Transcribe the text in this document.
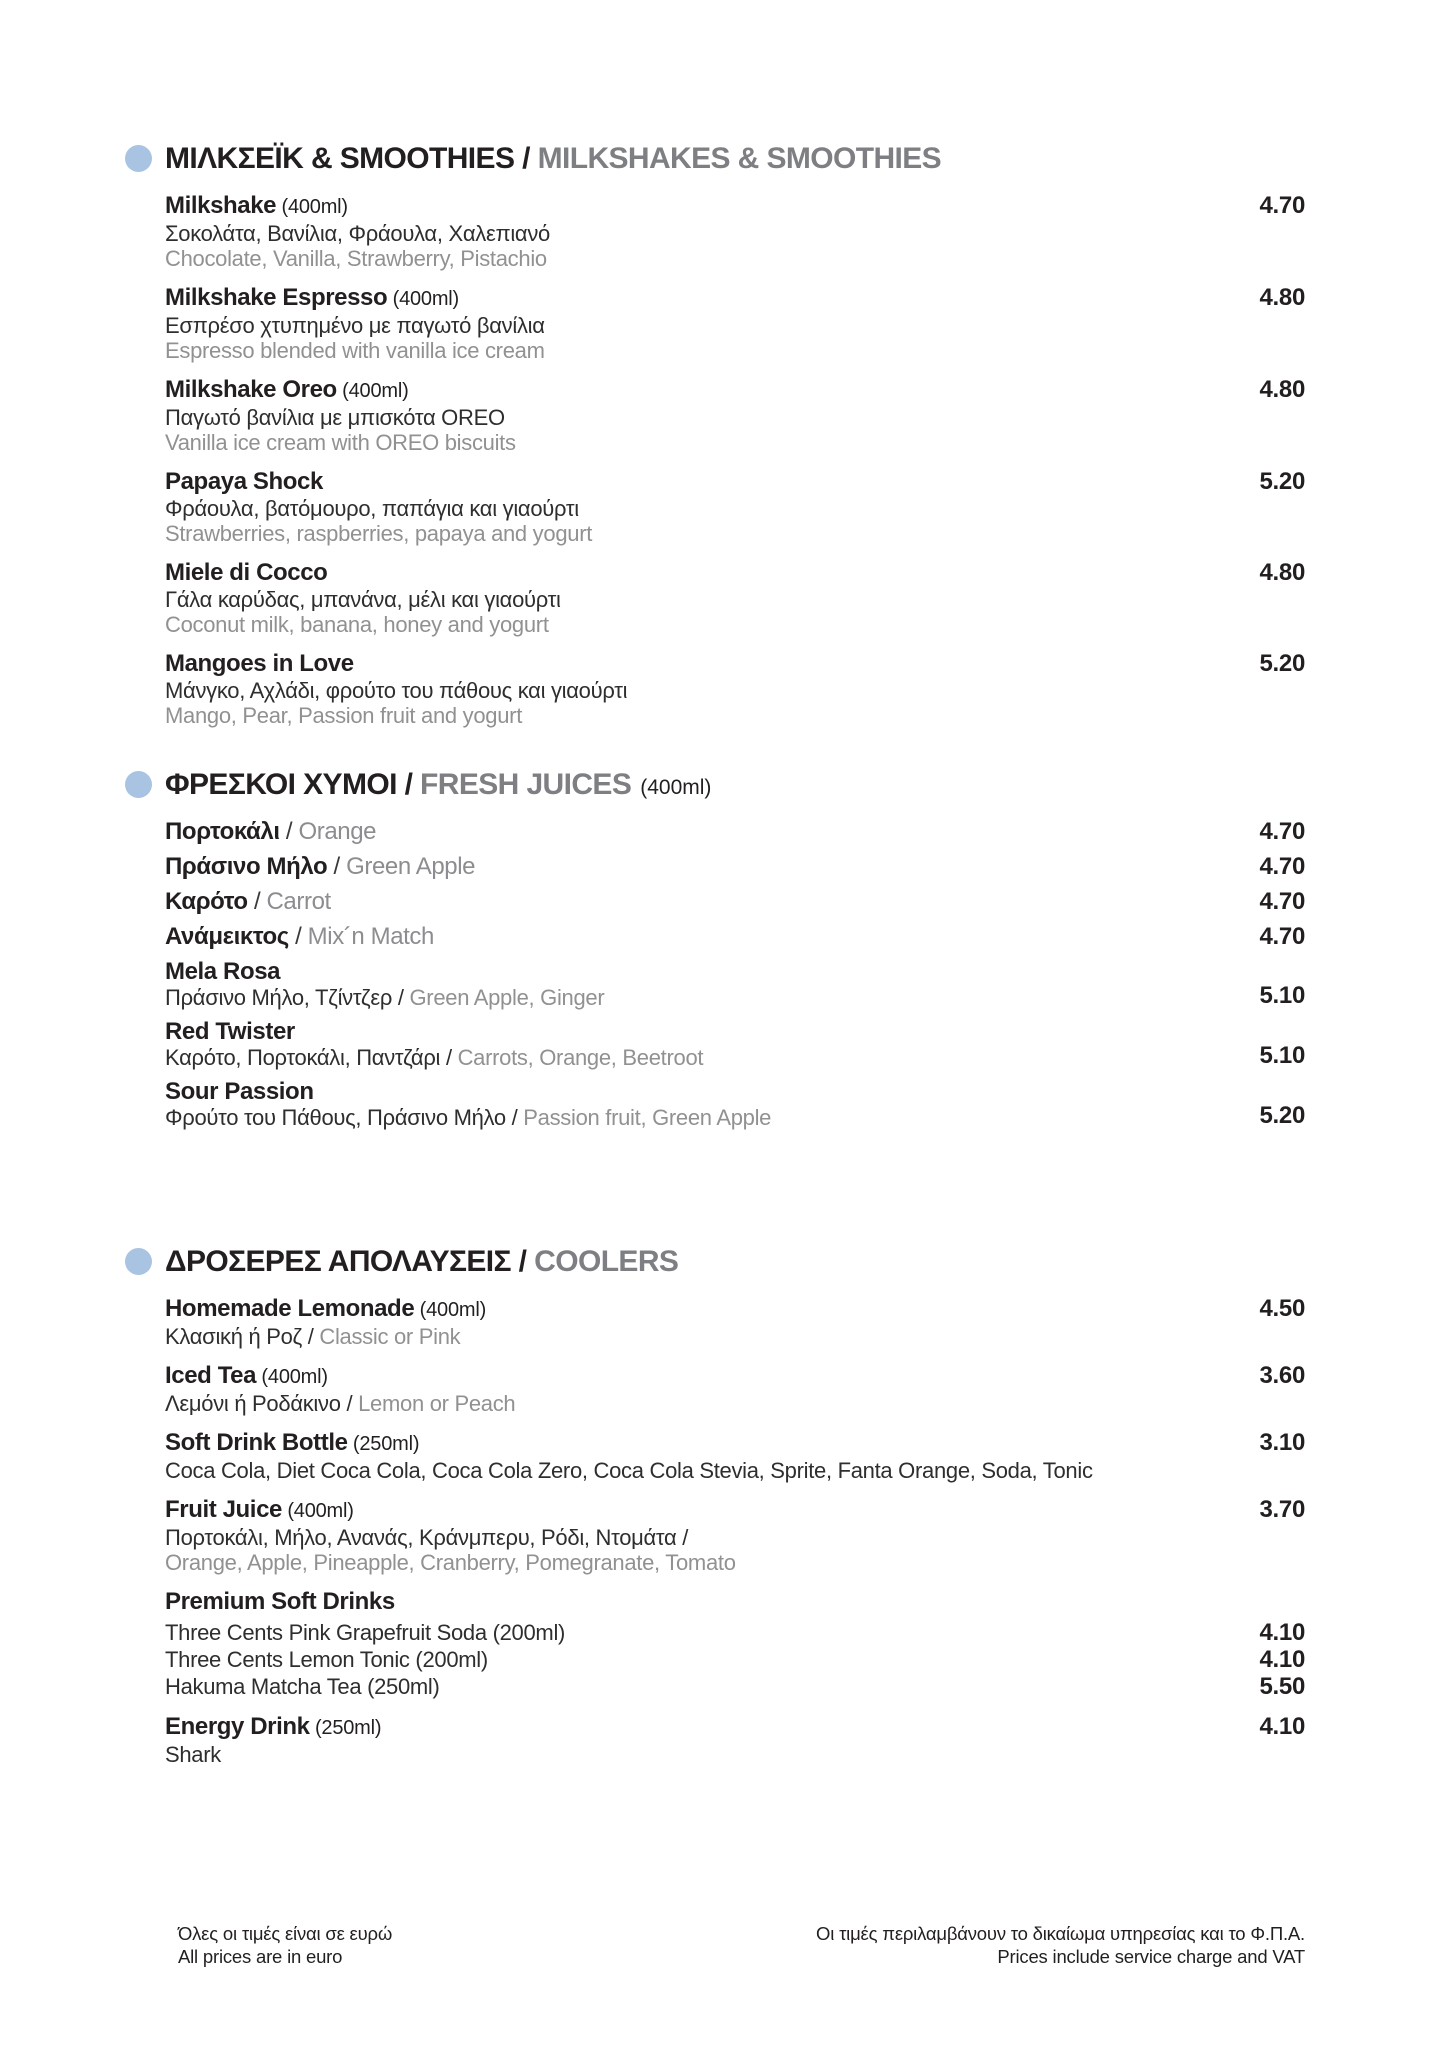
ΜΙΛΚΣΕΪΚ & SMOOTHIES / MILKSHAKES & SMOOTHIES
Milkshake (400ml)
Σοκολάτα, Βανίλια, Φράουλα, Χαλεπιανό
Chocolate, Vanilla, Strawberry, Pistachio
4.70
Milkshake Espresso (400ml)
Εσπρέσο χτυπημένο με παγωτό βανίλια
Espresso blended with vanilla ice cream
4.80
Milkshake Oreo (400ml)
Παγωτό βανίλια με μπισκότα OREO
Vanilla ice cream with OREO biscuits
4.80
Papaya Shock
Φράουλα, βατόμουρο, παπάγια και γιαούρτι
Strawberries, raspberries, papaya and yogurt
5.20
Miele di Cocco
Γάλα καρύδας, μπανάνα, μέλι και γιαούρτι
Coconut milk, banana, honey and yogurt
4.80
Mangoes in Love
Μάνγκο, Αχλάδι, φρούτο του πάθους και γιαούρτι
Mango, Pear, Passion fruit and yogurt
5.20
ΦΡΕΣΚΟΙ ΧΥΜΟΙ / FRESH JUICES (400ml)
Πορτοκάλι / Orange	4.70
Πράσινο Μήλο / Green Apple	4.70
Καρότο / Carrot	4.70
Ανάμεικτος / Mix´n Match	4.70
Mela Rosa
Πράσινο Μήλο, Τζίντζερ / Green Apple, Ginger	5.10
Red Twister
Καρότο, Πορτοκάλι, Παντζάρι / Carrots, Orange, Beetroot	5.10
Sour Passion
Φρούτο του Πάθους, Πράσινο Μήλο / Passion fruit, Green Apple	5.20
ΔΡΟΣΕΡΕΣ ΑΠΟΛΑΥΣΕΙΣ / COOLERS
Homemade Lemonade (400ml)
Κλασική ή Ροζ / Classic or Pink
4.50
Iced Tea (400ml)
Λεμόνι ή Ροδάκινο / Lemon or Peach
3.60
Soft Drink Bottle (250ml)
Coca Cola, Diet Coca Cola, Coca Cola Zero, Coca Cola Stevia, Sprite, Fanta Orange, Soda, Tonic
3.10
Fruit Juice (400ml)
Πορτοκάλι, Μήλο, Ανανάς, Κράνμπερυ, Ρόδι, Ντομάτα /
Orange, Apple, Pineapple, Cranberry, Pomegranate, Tomato
3.70
Premium Soft Drinks
Three Cents Pink Grapefruit Soda (200ml)	4.10
Three Cents Lemon Tonic (200ml)	4.10
Hakuma Matcha Tea (250ml)	5.50
Energy Drink (250ml)
Shark
4.10
Όλες οι τιμές είναι σε ευρώ
All prices are in euro
Οι τιμές περιλαμβάνουν το δικαίωμα υπηρεσίας και το Φ.Π.Α.
Prices include service charge and VAT
